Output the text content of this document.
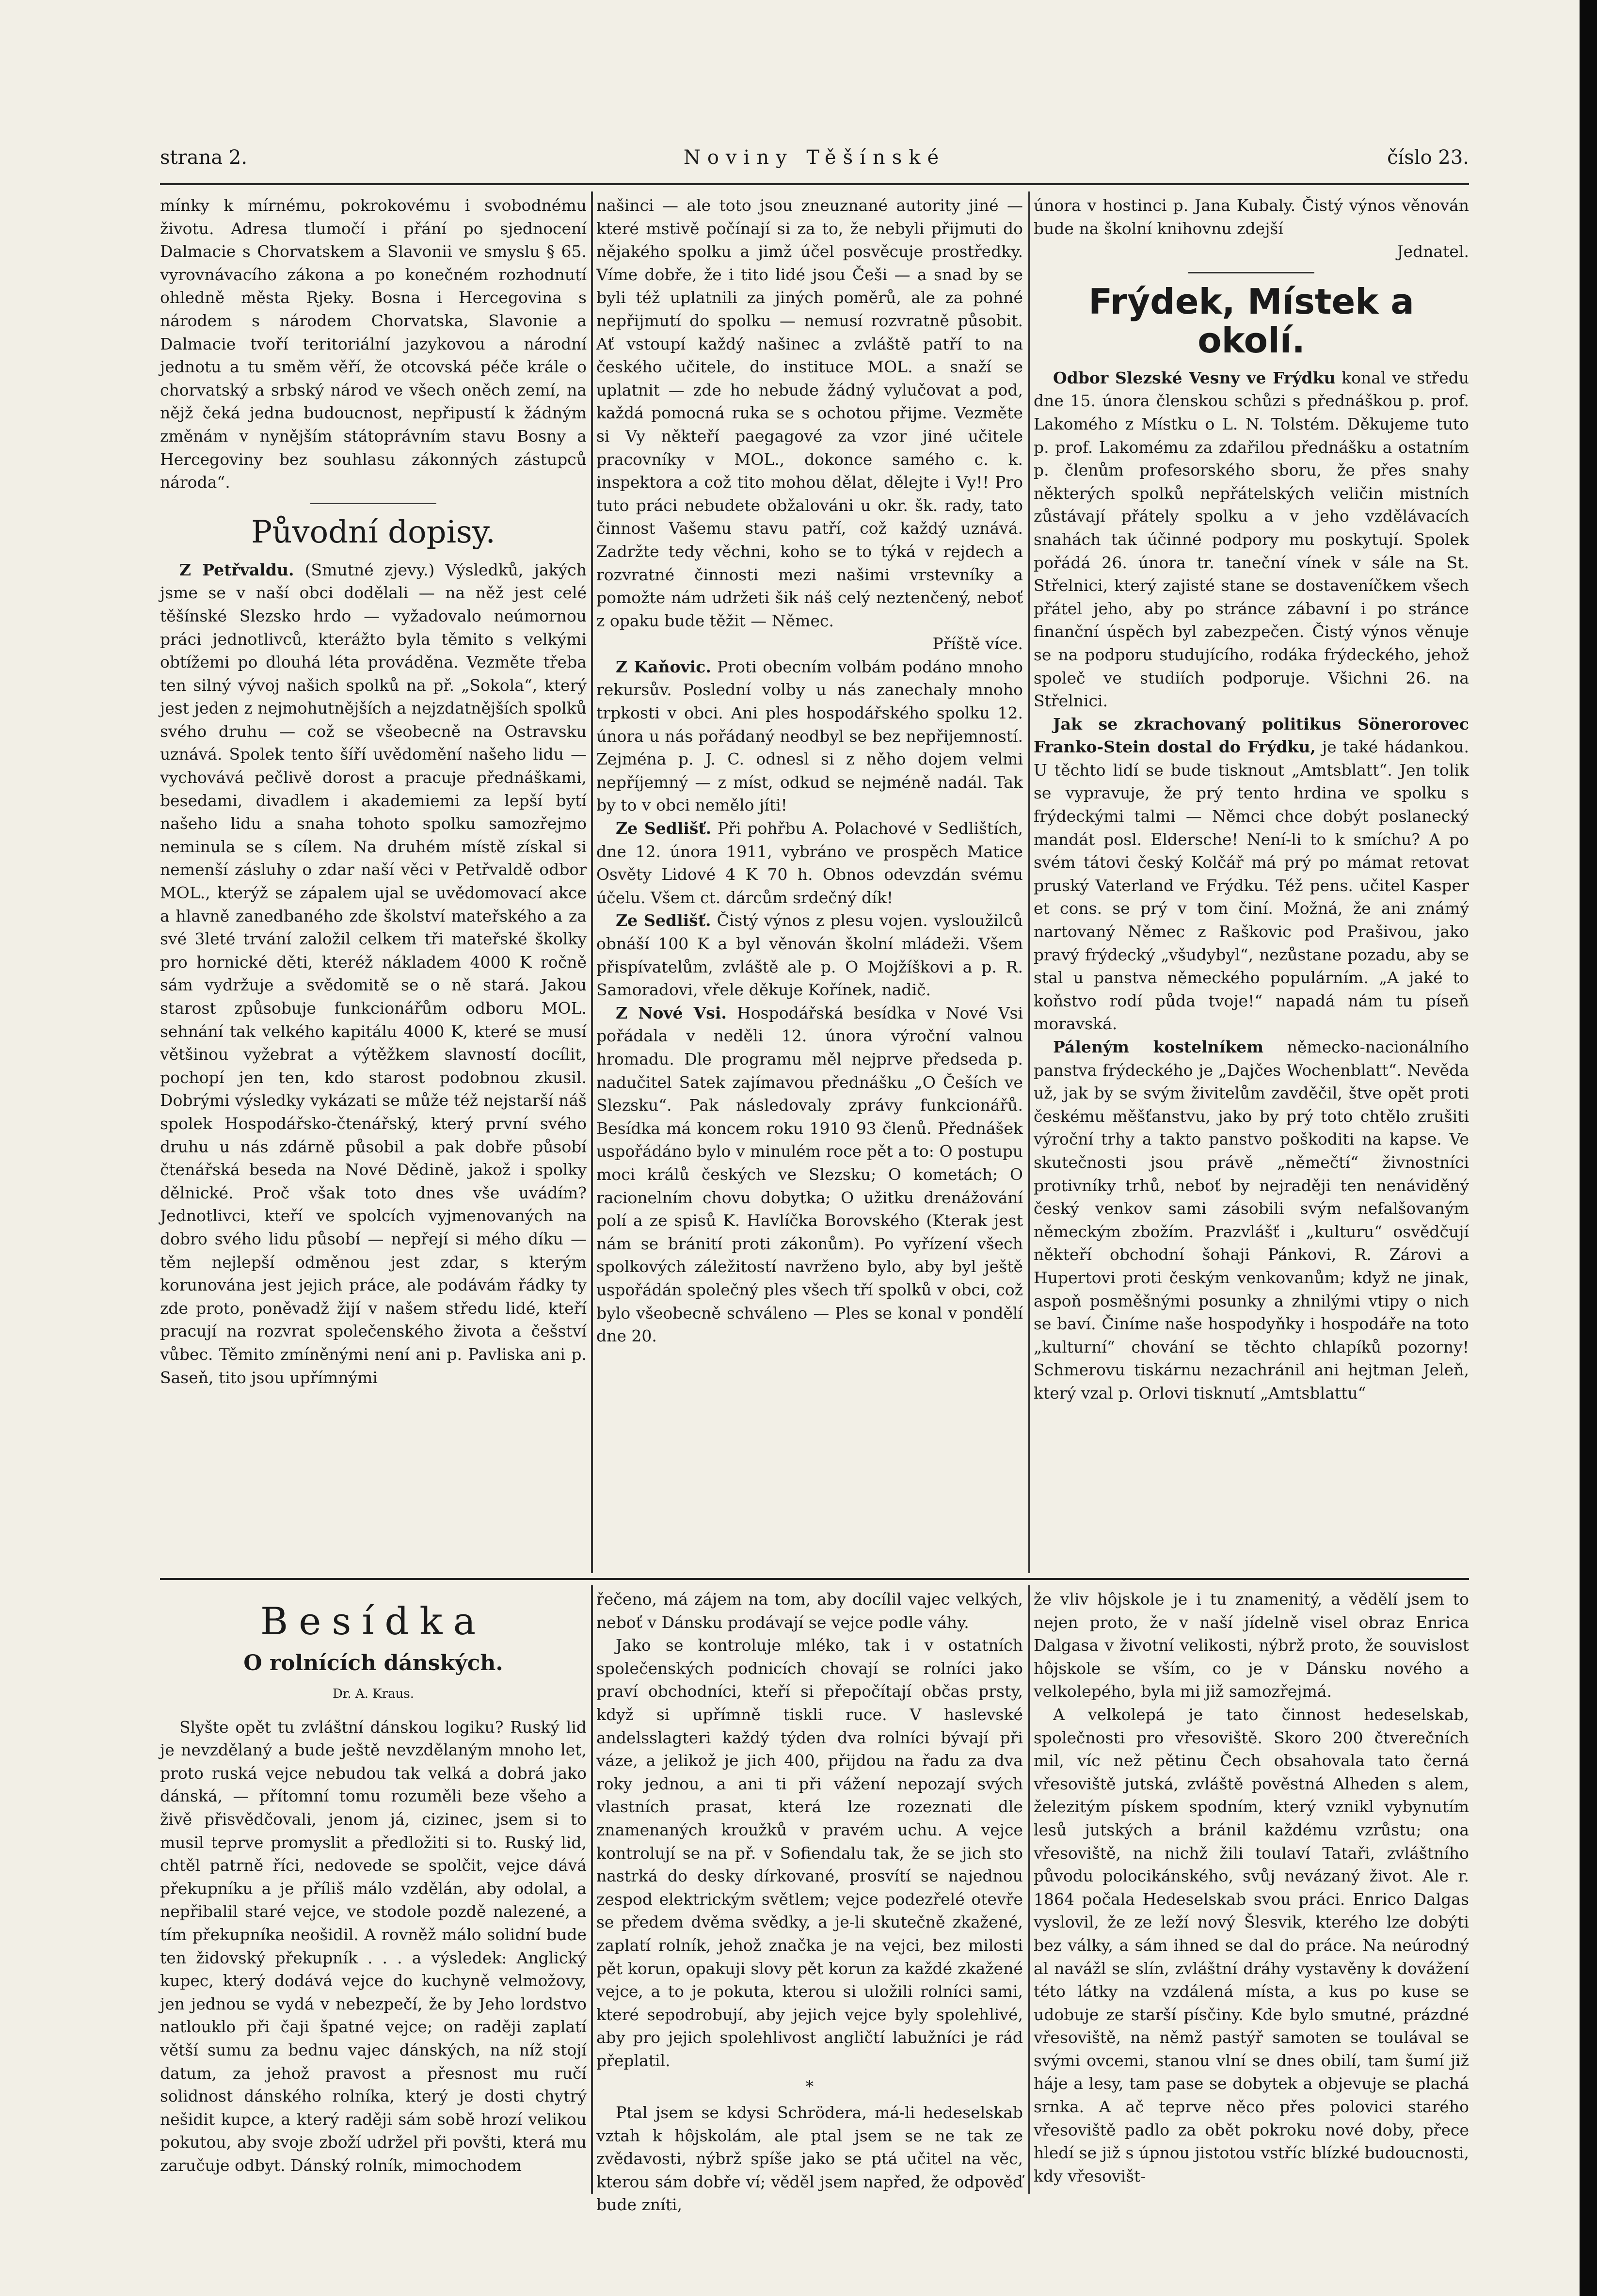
strana 2.	Noviny Těšínské	číslo 23.

mínky k mírnému, pokrokovému i svobodnému životu. Adresa tlumočí i přání po sjednocení Dalmacie s Chorvatskem a Slavonii ve smyslu § 65. vyrovnávacího zákona a po konečném rozhodnutí ohledně města Rjeky. Bosna i Hercegovina s národem s národem Chorvatska, Slavonie a Dalmacie tvoří teritoriální jazykovou a národní jednotu a tu směm věří, že otcovská péče krále o chorvatský a srbský národ ve všech oněch zemí, na nějž čeká jedna budoucnost, nepřipustí k žádným změnám v nynějším státoprávním stavu Bosny a Hercegoviny bez souhlasu zákonných zástupců národa“.

Původní dopisy.

Z Petřvaldu. (Smutné zjevy.) Výsledků, jakých jsme se v naší obci dodělali — na něž jest celé těšínské Slezsko hrdo — vyžadovalo neúmornou práci jednotlivců, kterážto byla těmito s velkými obtížemi po dlouhá léta prováděna. Vezměte třeba ten silný vývoj našich spolků na př. „Sokola“, který jest jeden z nejmohutnějších a nejzdatnějších spolků svého druhu — což se všeobecně na Ostravsku uznává. Spolek tento šíří uvědomění našeho lidu — vychovává pečlivě dorost a pracuje přednáškami, besedami, divadlem i akademiemi za lepší bytí našeho lidu a snaha tohoto spolku samozřejmo neminula se s cílem. Na druhém místě získal si nemenší zásluhy o zdar naší věci v Petřvaldě odbor MOL., kterýž se zápalem ujal se uvědomovací akce a hlavně zanedbaného zde školství mateřského a za své 3leté trvání založil celkem tři mateřské školky pro hornické děti, kteréž nákladem 4000 K ročně sám vydržuje a svědomitě se o ně stará. Jakou starost způsobuje funkcionářům odboru MOL. sehnání tak velkého kapitálu 4000 K, které se musí většinou vyžebrat a výtěžkem slavností docílit, pochopí jen ten, kdo starost podobnou zkusil. Dobrými výsledky vykázati se může též nejstarší náš spolek Hospodářsko-čtenářský, který první svého druhu u nás zdárně působil a pak dobře působí čtenářská beseda na Nové Dědině, jakož i spolky dělnické. Proč však toto dnes vše uvádím? Jednotlivci, kteří ve spolcích vyjmenovaných na dobro svého lidu působí — nepřejí si mého díku — těm nejlepší odměnou jest zdar, s kterým korunována jest jejich práce, ale podávám řádky ty zde proto, poněvadž žijí v našem středu lidé, kteří pracují na rozvrat společenského života a češství vůbec. Těmito zmíněnými není ani p. Pavliska ani p. Saseň, tito jsou upřímnými

našinci — ale toto jsou zneuznané autority jiné — které mstivě počínají si za to, že nebyli přijmuti do nějakého spolku a jimž účel posvěcuje prostředky. Víme dobře, že i tito lidé jsou Češi — a snad by se byli též uplatnili za jiných poměrů, ale za pohné nepřijmutí do spolku — nemusí rozvratně působit. Ať vstoupí každý našinec a zvláště patří to na českého učitele, do instituce MOL. a snaží se uplatnit — zde ho nebude žádný vylučovat a pod, každá pomocná ruka se s ochotou přijme. Vezměte si Vy někteří paegagové za vzor jiné učitele pracovníky v MOL., dokonce samého c. k. inspektora a což tito mohou dělat, dělejte i Vy!! Pro tuto práci nebudete obžalováni u okr. šk. rady, tato činnost Vašemu stavu patří, což každý uznává. Zadržte tedy věchni, koho se to týká v rejdech a rozvratné činnosti mezi našimi vrstevníky a pomožte nám udržeti šik náš celý neztenčený, neboť z opaku bude těžit — Němec.

Příště více.

Z Kaňovic. Proti obecním volbám podáno mnoho rekursův. Poslední volby u nás zanechaly mnoho trpkosti v obci. Ani ples hospodářského spolku 12. února u nás pořádaný neodbyl se bez nepřijemností. Zejména p. J. C. odnesl si z něho dojem velmi nepříjemný — z míst, odkud se nejméně nadál. Tak by to v obci nemělo jíti!

Ze Sedlišť. Při pohřbu A. Polachové v Sedlištích, dne 12. února 1911, vybráno ve prospěch Matice Osvěty Lidové 4 K 70 h. Obnos odevzdán svému účelu. Všem ct. dárcům srdečný dík!

Ze Sedlišť. Čistý výnos z plesu vojen. vysloužilců obnáší 100 K a byl věnován školní mládeži. Všem přispívatelům, zvláště ale p. O Mojžíškovi a p. R. Samoradovi, vřele děkuje Kořínek, nadič.

Z Nové Vsi. Hospodářská besídka v Nové Vsi pořádala v neděli 12. února výroční valnou hromadu. Dle programu měl nejprve předseda p. nadučitel Satek zajímavou přednášku „O Češích ve Slezsku“. Pak následovaly zprávy funkcionářů. Besídka má koncem roku 1910 93 členů. Přednášek uspořádáno bylo v minulém roce pět a to: O postupu moci králů českých ve Slezsku; O kometách; O racionelním chovu dobytka; O užitku drenážování polí a ze spisů K. Havlíčka Borovského (Kterak jest nám se bránití proti zákonům). Po vyřízení všech spolkových záležitostí navrženo bylo, aby byl ještě uspořádán společný ples všech tří spolků v obci, což bylo všeobecně schváleno — Ples se konal v pondělí dne 20.

února v hostinci p. Jana Kubaly. Čistý výnos věnován bude na školní knihovnu zdejší

Jednatel.

Frýdek, Místek a okolí.

Odbor Slezské Vesny ve Frýdku konal ve středu dne 15. února členskou schůzi s přednáškou p. prof. Lakomého z Místku o L. N. Tolstém. Děkujeme tuto p. prof. Lakomému za zdařilou přednášku a ostatním p. členům profesorského sboru, že přes snahy některých spolků nepřátelských veličin mistních zůstávají přátely spolku a v jeho vzdělávacích snahách tak účinné podpory mu poskytují. Spolek pořádá 26. února tr. taneční vínek v sále na St. Střelnici, který zajisté stane se dostaveníčkem všech přátel jeho, aby po stránce zábavní i po stránce finanční úspěch byl zabezpečen. Čistý výnos věnuje se na podporu studujícího, rodáka frýdeckého, jehož společ ve studiích podporuje. Všichni 26. na Střelnici.

Jak se zkrachovaný politikus Sönerorovec Franko-Stein dostal do Frýdku, je také hádankou. U těchto lidí se bude tisknout „Amtsblatt“. Jen tolik se vypravuje, že prý tento hrdina ve spolku s frýdeckými talmi — Němci chce dobýt poslanecký mandát posl. Eldersche! Není-li to k smíchu? A po svém tátovi český Kolčář má prý po mámat retovat pruský Vaterland ve Frýdku. Též pens. učitel Kasper et cons. se prý v tom činí. Možná, že ani známý nartovaný Němec z Raškovic pod Prašivou, jako pravý frýdecký „všudybyl“, nezůstane pozadu, aby se stal u panstva německého populárním. „A jaké to koňstvo rodí půda tvoje!“ napadá nám tu píseň moravská.

Páleným kostelníkem německo-nacionálního panstva frýdeckého je „Dajčes Wochenblatt“. Nevěda už, jak by se svým živitelům zavděčil, štve opět proti českému měšťanstvu, jako by prý toto chtělo zrušiti výroční trhy a takto panstvo poškoditi na kapse. Ve skutečnosti jsou právě „němečtí“ živnostníci protivníky trhů, neboť by nejraději ten nenáviděný český venkov sami zásobili svým nefalšovaným německým zbožím. Prazvlášť i „kulturu“ osvědčují někteří obchodní šohaji Pánkovi, R. Zárovi a Hupertovi proti českým venkovanům; když ne jinak, aspoň posměšnými posunky a zhnilými vtipy o nich se baví. Činíme naše hospodyňky i hospodáře na toto „kulturní“ chování se těchto chlapíků pozorny! Schmerovu tiskárnu nezachránil ani hejtman Jeleň, který vzal p. Orlovi tisknutí „Amtsblattu“

Besídka
O rolnících dánských.
Dr. A. Kraus.

Slyšte opět tu zvláštní dánskou logiku? Ruský lid je nevzdělaný a bude ještě nevzdělaným mnoho let, proto ruská vejce nebudou tak velká a dobrá jako dánská, — přítomní tomu rozuměli beze všeho a živě přisvědčovali, jenom já, cizinec, jsem si to musil teprve promyslit a předložiti si to. Ruský lid, chtěl patrně říci, nedovede se spolčit, vejce dává překupníku a je příliš málo vzdělán, aby odolal, a nepřibalil staré vejce, ve stodole pozdě nalezené, a tím překupníka neošidil. A rovněž málo solidní bude ten židovský překupník . . . a výsledek: Anglický kupec, který dodává vejce do kuchyně velmožovy, jen jednou se vydá v nebezpečí, že by Jeho lordstvo natlouklo při čaji špatné vejce; on raději zaplatí větší sumu za bednu vajec dánských, na níž stojí datum, za jehož pravost a přesnost mu ručí solidnost dánského rolníka, který je dosti chytrý nešidit kupce, a který raději sám sobě hrozí velikou pokutou, aby svoje zboží udržel při povšti, která mu zaručuje odbyt. Dánský rolník, mimochodem

řečeno, má zájem na tom, aby docílil vajec velkých, neboť v Dánsku prodávají se vejce podle váhy.

Jako se kontroluje mléko, tak i v ostatních společenských podnicích chovají se rolníci jako praví obchodníci, kteří si přepočítají občas prsty, když si upřímně tiskli ruce. V haslevské andelsslagteri každý týden dva rolníci bývají při váze, a jelikož je jich 400, přijdou na řadu za dva roky jednou, a ani ti při vážení nepozají svých vlastních prasat, která lze rozeznati dle znamenaných kroužků v pravém uchu. A vejce kontrolují se na př. v Sofiendalu tak, že se jich sto nastrká do desky dírkované, prosvítí se najednou zespod elektrickým světlem; vejce podezřelé otevře se předem dvěma svědky, a je-li skutečně zkažené, zaplatí rolník, jehož značka je na vejci, bez milosti pět korun, opakuji slovy pět korun za každé zkažené vejce, a to je pokuta, kterou si uložili rolníci sami, které sepodrobují, aby jejich vejce byly spolehlivé, aby pro jejich spolehlivost angličtí labužníci je rád přeplatil.

*

Ptal jsem se kdysi Schrödera, má-li hedeselskab vztah k hôjskolám, ale ptal jsem se ne tak ze zvědavosti, nýbrž spíše jako se ptá učitel na věc, kterou sám dobře ví; věděl jsem napřed, že odpověď bude zníti,

že vliv hôjskole je i tu znamenitý, a vědělí jsem to nejen proto, že v naší jídelně visel obraz Enrica Dalgasa v životní velikosti, nýbrž proto, že souvislost hôjskole se vším, co je v Dánsku nového a velkolepého, byla mi již samozřejmá.

A velkolepá je tato činnost hedeselskab, společnosti pro vřesoviště. Skoro 200 čtverečních mil, víc než pětinu Čech obsahovala tato černá vřesoviště jutská, zvláště pověstná Alheden s alem, železitým pískem spodním, který vznikl vybynutím lesů jutských a bránil každému vzrůstu; ona vřesoviště, na nichž žili toulaví Tataři, zvláštního původu polocikánského, svůj nevázaný život. Ale r. 1864 počala Hedeselskab svou práci. Enrico Dalgas vyslovil, že ze leží nový Šlesvik, kterého lze dobýti bez války, a sám ihned se dal do práce. Na neúrodný al navážl se slín, zvláštní dráhy vystavěny k dovážení této látky na vzdálená místa, a kus po kuse se udobuje ze starší písčiny. Kde bylo smutné, prázdné vřesoviště, na němž pastýř samoten se toulával se svými ovcemi, stanou vlní se dnes obilí, tam šumí již háje a lesy, tam pase se dobytek a objevuje se plachá srnka. A ač teprve něco přes polovici starého vřesoviště padlo za obět pokroku nové doby, přece hledí se již s úpnou jistotou vstříc blízké budoucnosti, kdy vřesovišt-
